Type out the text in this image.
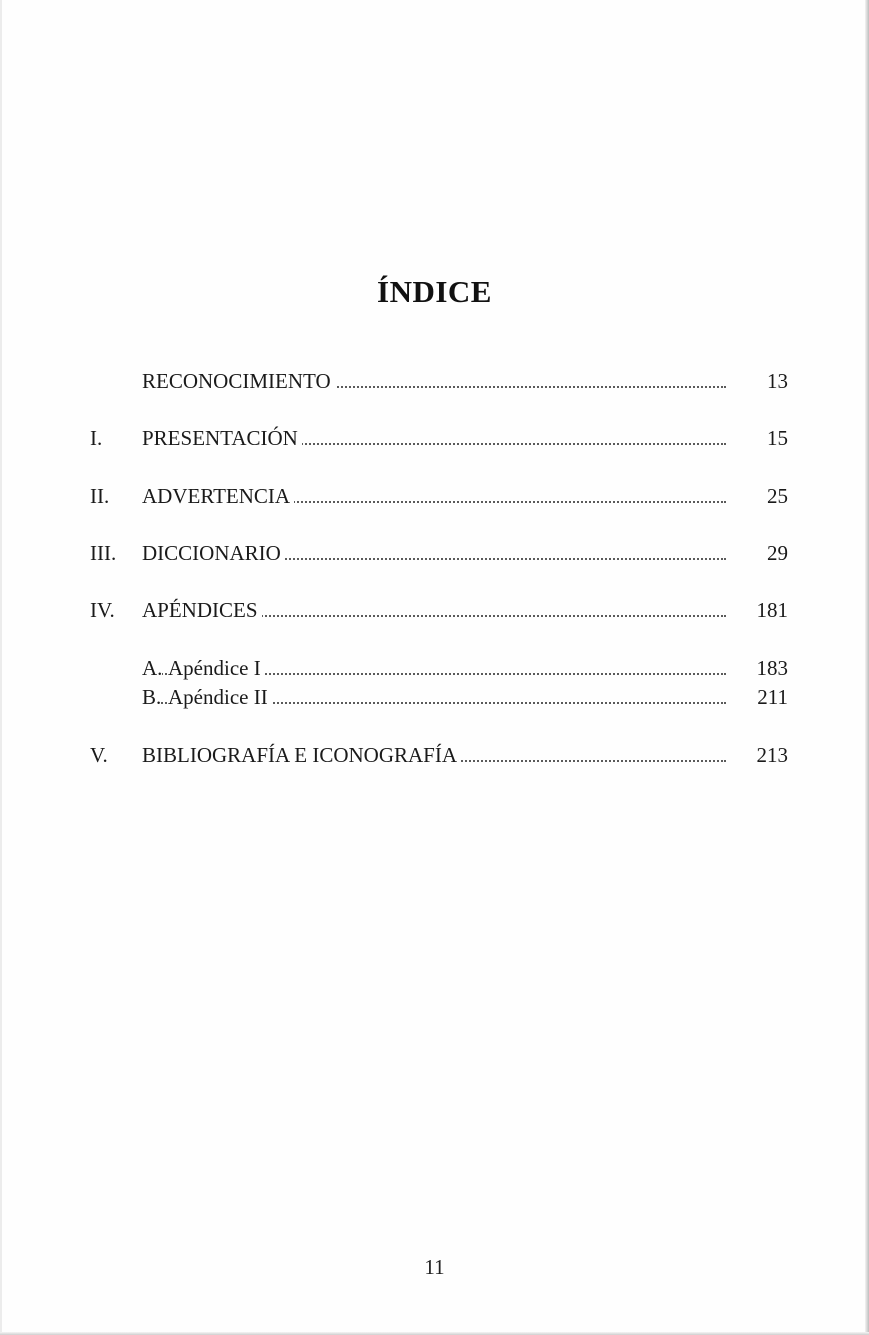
ÍNDICE
RECONOCIMIENTO	13
I. PRESENTACIÓN	15
II. ADVERTENCIA	25
III. DICCIONARIO	29
IV. APÉNDICES	181
A. Apéndice I	183
B. Apéndice II	211
V. BIBLIOGRAFÍA E ICONOGRAFÍA	213
11
